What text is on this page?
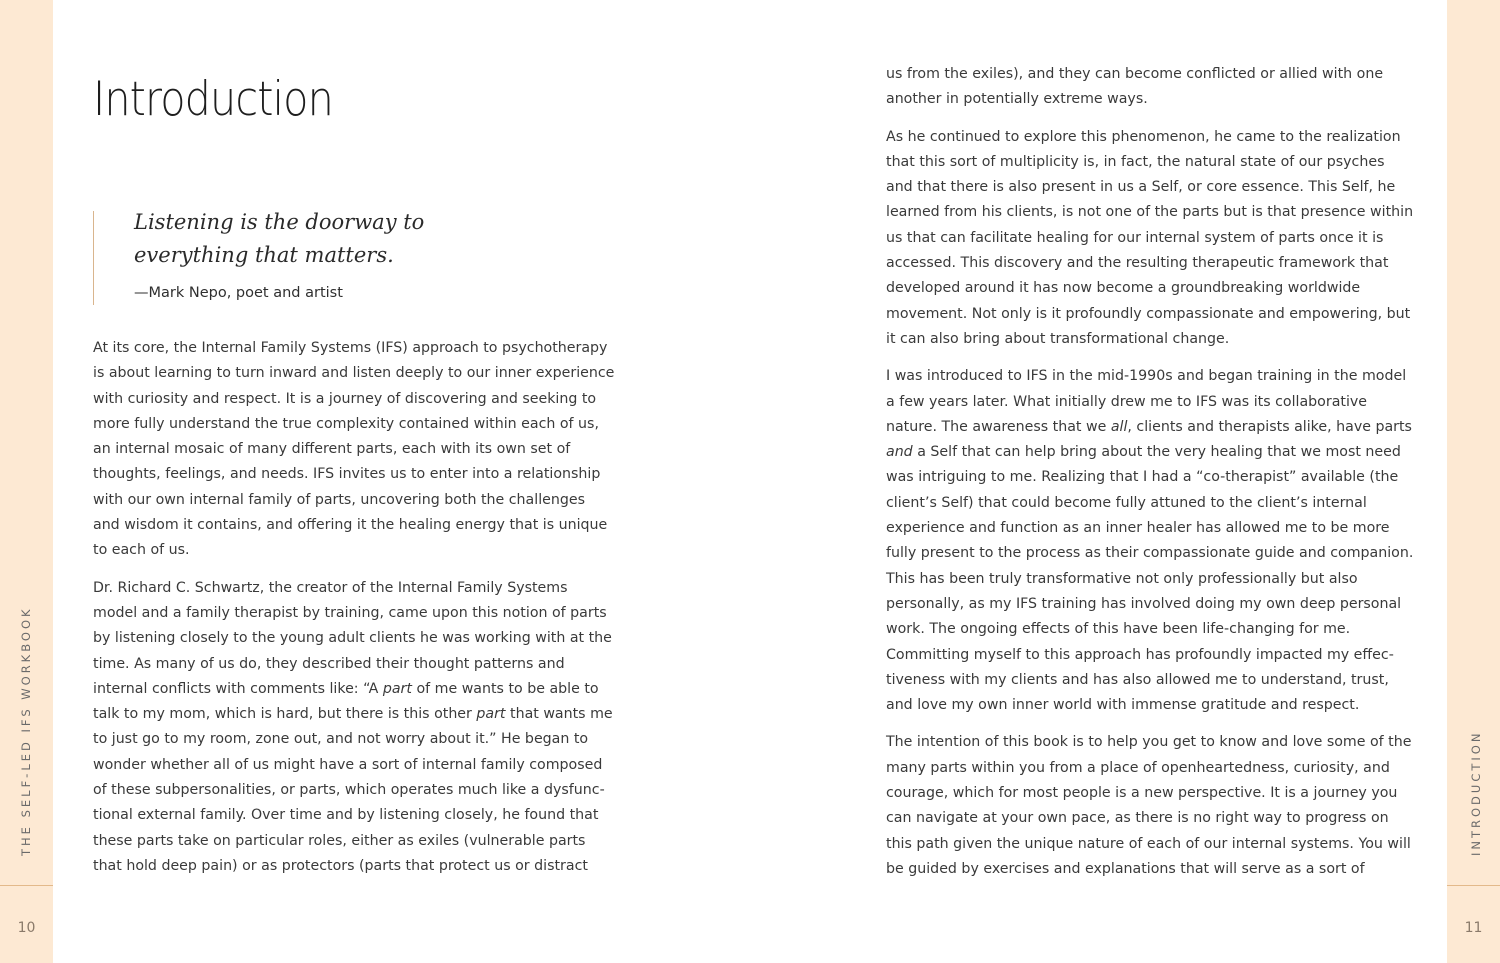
10
THE SELF-LED IFS WORKBOOK
11
INTRODUCTION
Introduction
Listening is the doorway to everything that matters.
—Mark Nepo, poet and artist

At its core, the Internal Family Systems (IFS) approach to psychotherapy is about learning to turn inward and listen deeply to our inner experience with curiosity and respect. It is a journey of discovering and seeking to more fully understand the true complexity contained within each of us, an internal mosaic of many different parts, each with its own set of thoughts, feelings, and needs. IFS invites us to enter into a relationship with our own internal family of parts, uncovering both the challenges and wisdom it contains, and offering it the healing energy that is unique to each of us.

Dr. Richard C. Schwartz, the creator of the Internal Family Systems model and a family therapist by training, came upon this notion of parts by listening closely to the young adult clients he was working with at the time. As many of us do, they described their thought patterns and internal conflicts with comments like: “A part of me wants to be able to talk to my mom, which is hard, but there is this other part that wants me to just go to my room, zone out, and not worry about it.” He began to wonder whether all of us might have a sort of internal family composed of these subpersonalities, or parts, which operates much like a dysfunctional external family. Over time and by listening closely, he found that these parts take on particular roles, either as exiles (vulnerable parts that hold deep pain) or as protectors (parts that protect us or distract

us from the exiles), and they can become conflicted or allied with one another in potentially extreme ways.

As he continued to explore this phenomenon, he came to the realization that this sort of multiplicity is, in fact, the natural state of our psyches and that there is also present in us a Self, or core essence. This Self, he learned from his clients, is not one of the parts but is that presence within us that can facilitate healing for our internal system of parts once it is accessed. This discovery and the resulting therapeutic framework that developed around it has now become a groundbreaking worldwide movement. Not only is it profoundly compassionate and empowering, but it can also bring about transformational change.

I was introduced to IFS in the mid-1990s and began training in the model a few years later. What initially drew me to IFS was its collaborative nature. The awareness that we all, clients and therapists alike, have parts and a Self that can help bring about the very healing that we most need was intriguing to me. Realizing that I had a “co-therapist” available (the client’s Self) that could become fully attuned to the client’s internal experience and function as an inner healer has allowed me to be more fully present to the process as their compassionate guide and companion. This has been truly transformative not only professionally but also personally, as my IFS training has involved doing my own deep personal work. The ongoing effects of this have been life-changing for me. Committing myself to this approach has profoundly impacted my effectiveness with my clients and has also allowed me to understand, trust, and love my own inner world with immense gratitude and respect.

The intention of this book is to help you get to know and love some of the many parts within you from a place of openheartedness, curiosity, and courage, which for most people is a new perspective. It is a journey you can navigate at your own pace, as there is no right way to progress on this path given the unique nature of each of our internal systems. You will be guided by exercises and explanations that will serve as a sort of
